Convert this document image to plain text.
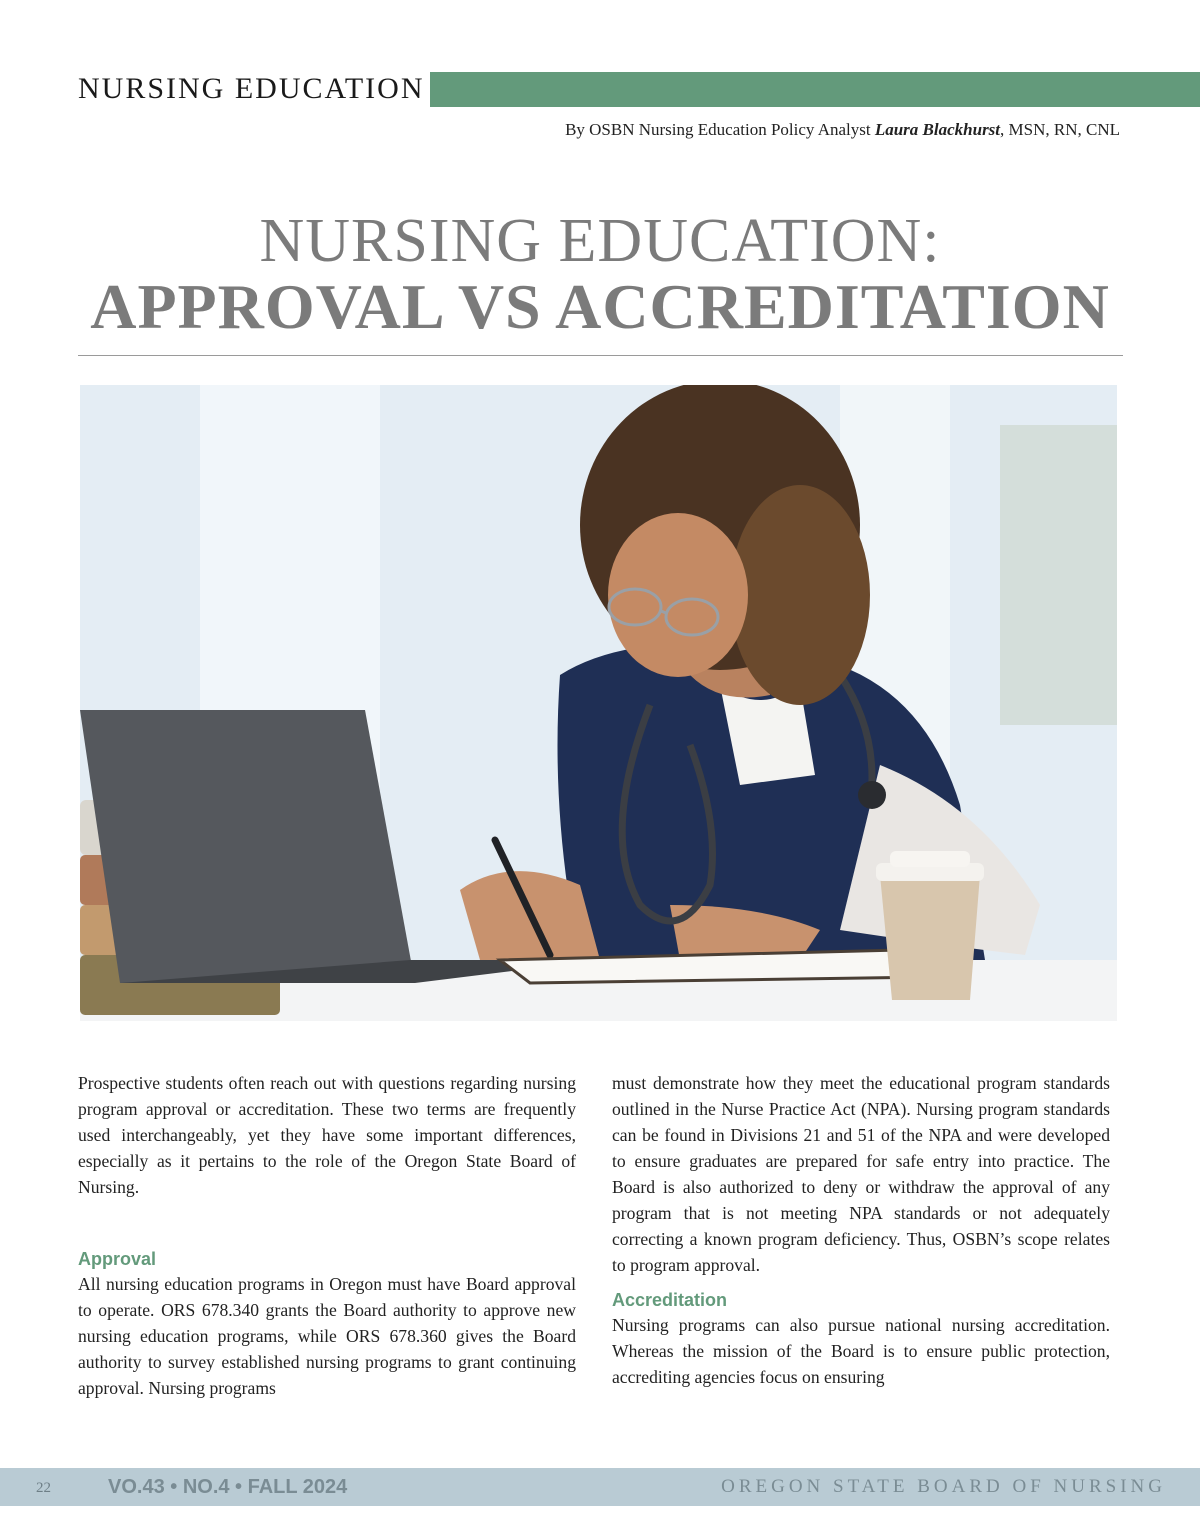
NURSING EDUCATION
By OSBN Nursing Education Policy Analyst Laura Blackhurst, MSN, RN, CNL
NURSING EDUCATION:
APPROVAL VS ACCREDITATION

Prospective students often reach out with questions regarding nursing program approval or accreditation. These two terms are frequently used interchangeably, yet they have some important differences, especially as it pertains to the role of the Oregon State Board of Nursing.

Approval

All nursing education programs in Oregon must have Board approval to operate. ORS 678.340 grants the Board authority to approve new nursing education programs, while ORS 678.360 gives the Board authority to survey established nursing programs to grant continuing approval. Nursing programs

must demonstrate how they meet the educational program standards outlined in the Nurse Practice Act (NPA). Nursing program standards can be found in Divisions 21 and 51 of the NPA and were developed to ensure graduates are prepared for safe entry into practice. The Board is also authorized to deny or withdraw the approval of any program that is not meeting NPA standards or not adequately correcting a known program deficiency. Thus, OSBN’s scope relates to program approval.

Accreditation

Nursing programs can also pursue national nursing accreditation. Whereas the mission of the Board is to ensure public protection, accrediting agencies focus on ensuring

22	VO.43 • NO.4 • FALL 2024	OREGON STATE BOARD OF NURSING
